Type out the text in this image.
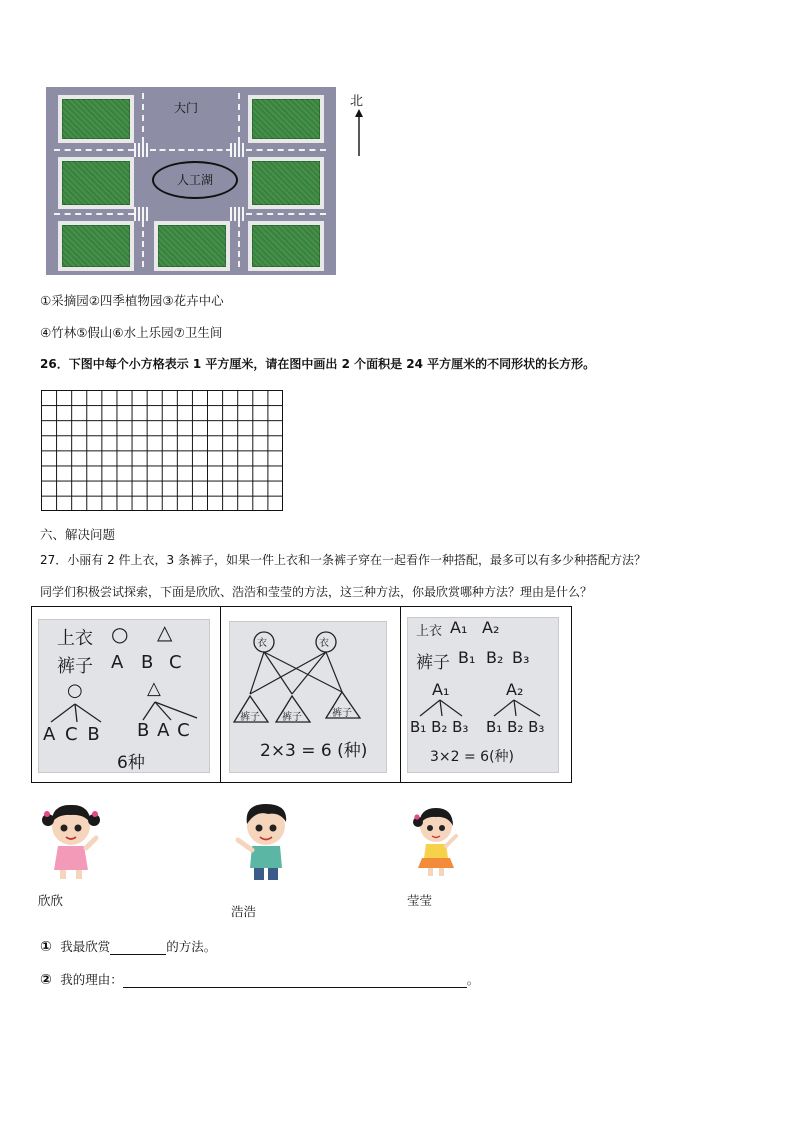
大门
人工湖
北
①采摘园②四季植物园③花卉中心
④竹林⑤假山⑥水上乐园⑦卫生间
26．下图中每个小方格表示 1 平方厘米，请在图中画出 2 个面积是 24 平方厘米的不同形状的长方形。
六、解决问题
27．小丽有 2 件上衣，3 条裤子，如果一件上衣和一条裤子穿在一起看作一种搭配，最多可以有多少种搭配方法？
同学们积极尝试探索，下面是欣欣、浩浩和莹莹的方法，这三种方法，你最欣赏哪种方法？理由是什么？
上衣 ○ △
裤子 A B C
○	△
A C B B A C
6种
衣	衣
裤子 裤子	裤子
2×3 = 6 (种)
上衣 A₁ A₂
裤子 B₁ B₂ B₃
A₁	A₂
B₁ B₂ B₃ B₁ B₂ B₃
3×2 = 6(种)
欣欣
浩浩
莹莹
① 我最欣赏	的方法。
② 我的理由：	。
